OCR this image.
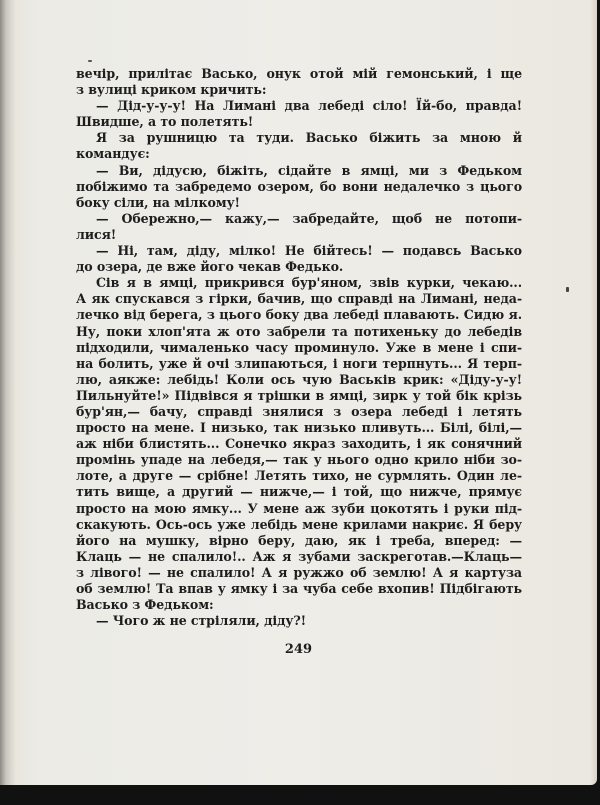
вечір, прилітає Васько, онук отой мій гемонський, і ще
з вулиці криком кричить:
— Дід-у-у-у! На Лимані два лебеді сіло! Їй-бо, правда!
Швидше, а то полетять!
Я за рушницю та туди. Васько біжить за мною й
командує:
— Ви, дідусю, біжіть, сідайте в ямці, ми з Федьком
побіжимо та забредемо озером, бо вони недалечко з цього
боку сіли, на мілкому!
— Обережно,— кажу,— забредайте, щоб не потопи-
лися!
— Ні, там, діду, мілко! Не бійтесь! — подавсь Васько
до озера, де вже його чекав Федько.
Сів я в ямці, прикрився бур'яном, звів курки, чекаю...
А як спускався з гірки, бачив, що справді на Лимані, неда-
лечко від берега, з цього боку два лебеді плавають. Сидю я.
Ну, поки хлоп'ята ж ото забрели та потихеньку до лебедів
підходили, чималенько часу проминуло. Уже в мене і спи-
на болить, уже й очі злипаються, і ноги терпнуть... Я терп-
лю, аякже: лебідь! Коли ось чую Васьків крик: «Діду-у-у!
Пильнуйте!» Підвівся я трішки в ямці, зирк у той бік крізь
бур'ян,— бачу, справді знялися з озера лебеді і летять
просто на мене. І низько, так низько пливуть... Білі, білі,—
аж ніби блистять... Сонечко якраз заходить, і як сонячний
промінь упаде на лебедя,— так у нього одно крило ніби зо-
лоте, а друге — срібне! Летять тихо, не сурмлять. Один ле-
тить вище, а другий — нижче,— і той, що нижче, прямує
просто на мою ямку... У мене аж зуби цокотять і руки під-
скакують. Ось-ось уже лебідь мене крилами накриє. Я беру
його на мушку, вірно беру, даю, як і треба, вперед: —
Клаць — не спалило!.. Аж я зубами заскреготав.—Клаць—
з лівого! — не спалило! А я ружжо об землю! А я картуза
об землю! Та впав у ямку і за чуба себе вхопив! Підбігають
Васько з Федьком:
— Чого ж не стріляли, діду?!
249
